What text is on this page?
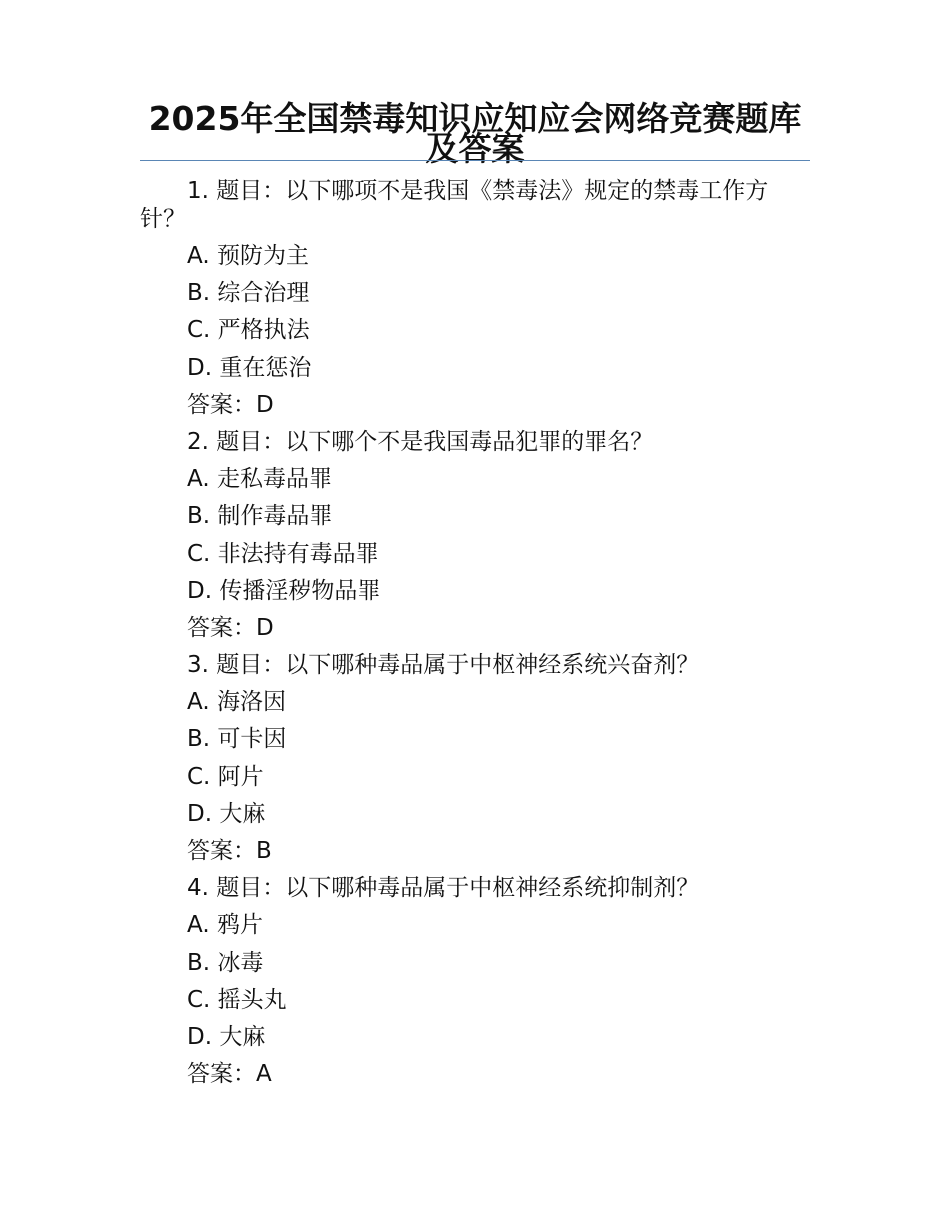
2025年全国禁毒知识应知应会网络竞赛题库及答案
1. 题目：以下哪项不是我国《禁毒法》规定的禁毒工作方针？
A. 预防为主
B. 综合治理
C. 严格执法
D. 重在惩治
答案：D
2. 题目：以下哪个不是我国毒品犯罪的罪名？
A. 走私毒品罪
B. 制作毒品罪
C. 非法持有毒品罪
D. 传播淫秽物品罪
答案：D
3. 题目：以下哪种毒品属于中枢神经系统兴奋剂？
A. 海洛因
B. 可卡因
C. 阿片
D. 大麻
答案：B
4. 题目：以下哪种毒品属于中枢神经系统抑制剂？
A. 鸦片
B. 冰毒
C. 摇头丸
D. 大麻
答案：A
